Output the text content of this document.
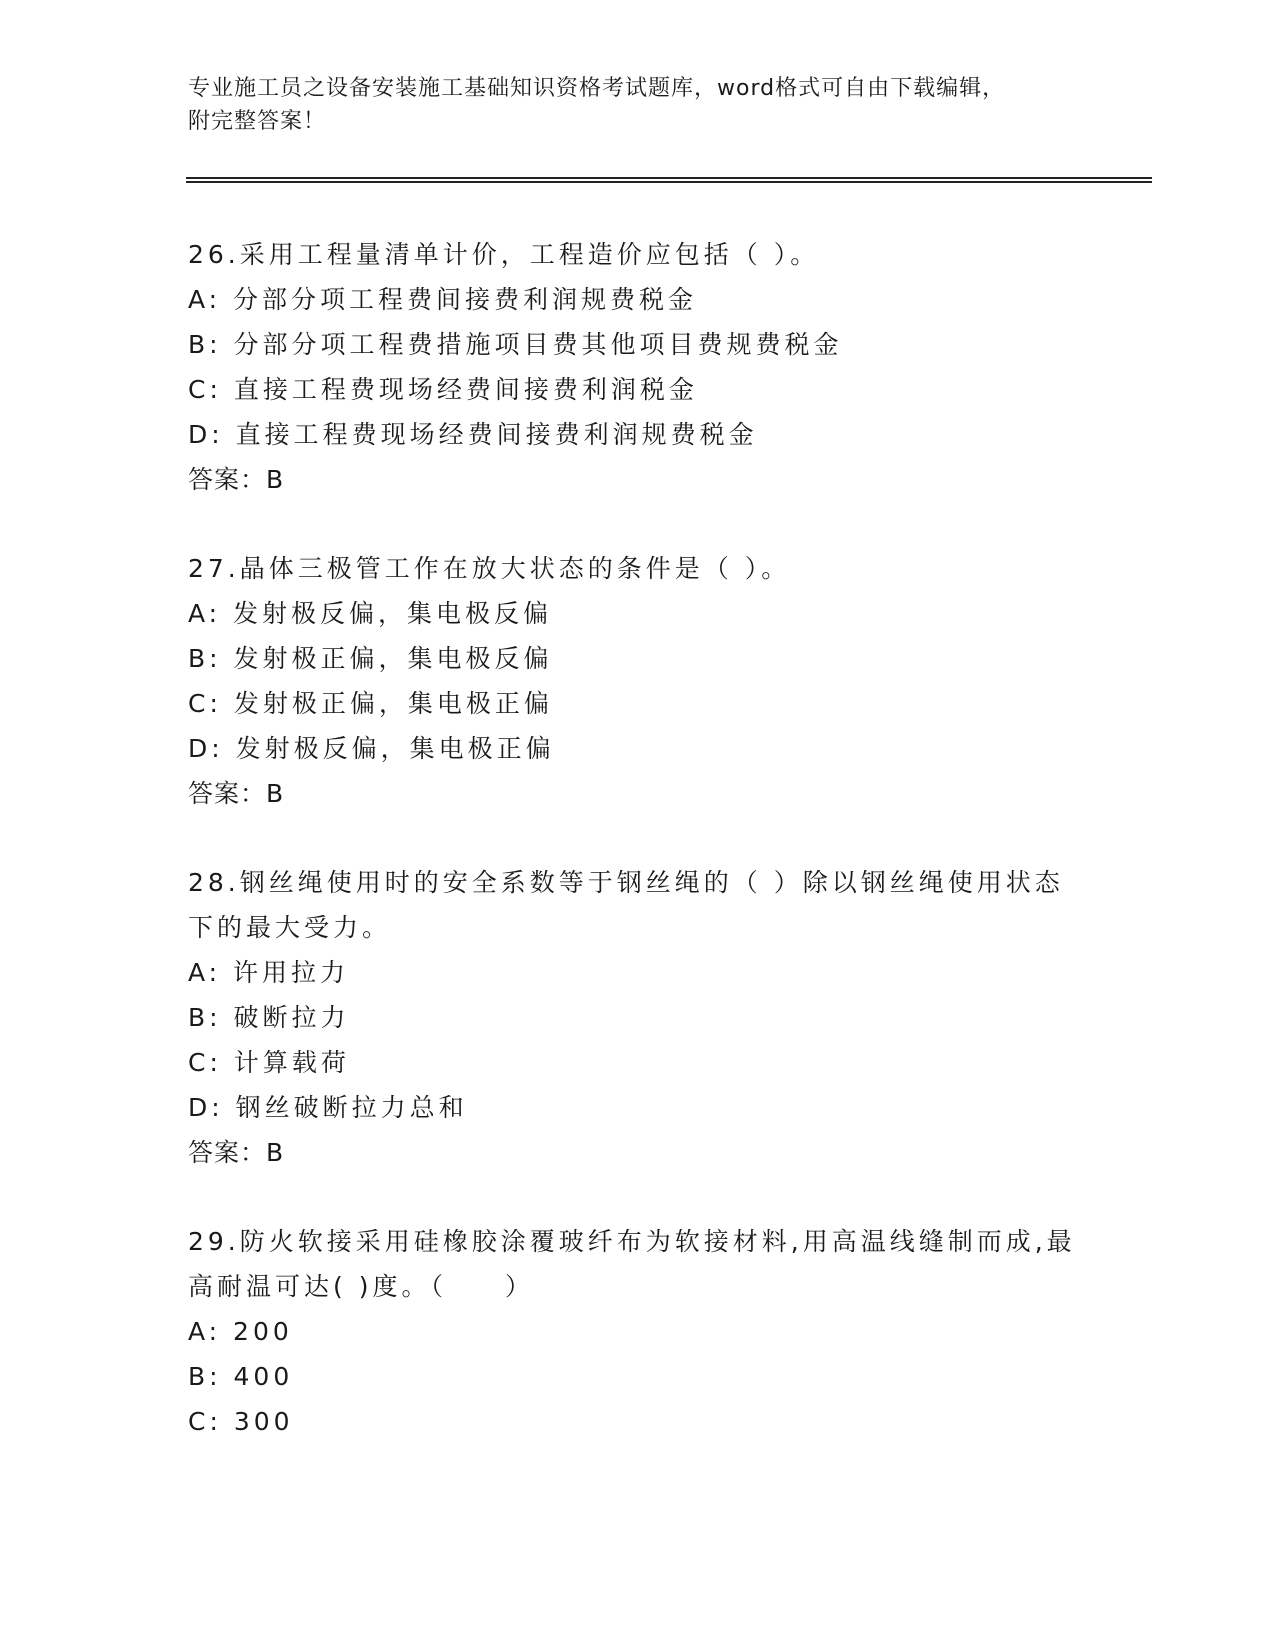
专业施工员之设备安装施工基础知识资格考试题库，word格式可自由下载编辑，
附完整答案！

26.采用工程量清单计价，工程造价应包括（ ）。

A: 分部分项工程费间接费利润规费税金

B: 分部分项工程费措施项目费其他项目费规费税金

C: 直接工程费现场经费间接费利润税金

D: 直接工程费现场经费间接费利润规费税金

答案：B

27.晶体三极管工作在放大状态的条件是（ ）。

A: 发射极反偏，集电极反偏

B: 发射极正偏，集电极反偏

C: 发射极正偏，集电极正偏

D: 发射极反偏，集电极正偏

答案：B

28.钢丝绳使用时的安全系数等于钢丝绳的（ ）除以钢丝绳使用状态

下的最大受力。

A: 许用拉力

B: 破断拉力

C: 计算载荷

D: 钢丝破断拉力总和

答案：B

29.防火软接采用硅橡胶涂覆玻纤布为软接材料,用高温线缝制而成,最

高耐温可达( )度。（　　）

A: 200

B: 400

C: 300
